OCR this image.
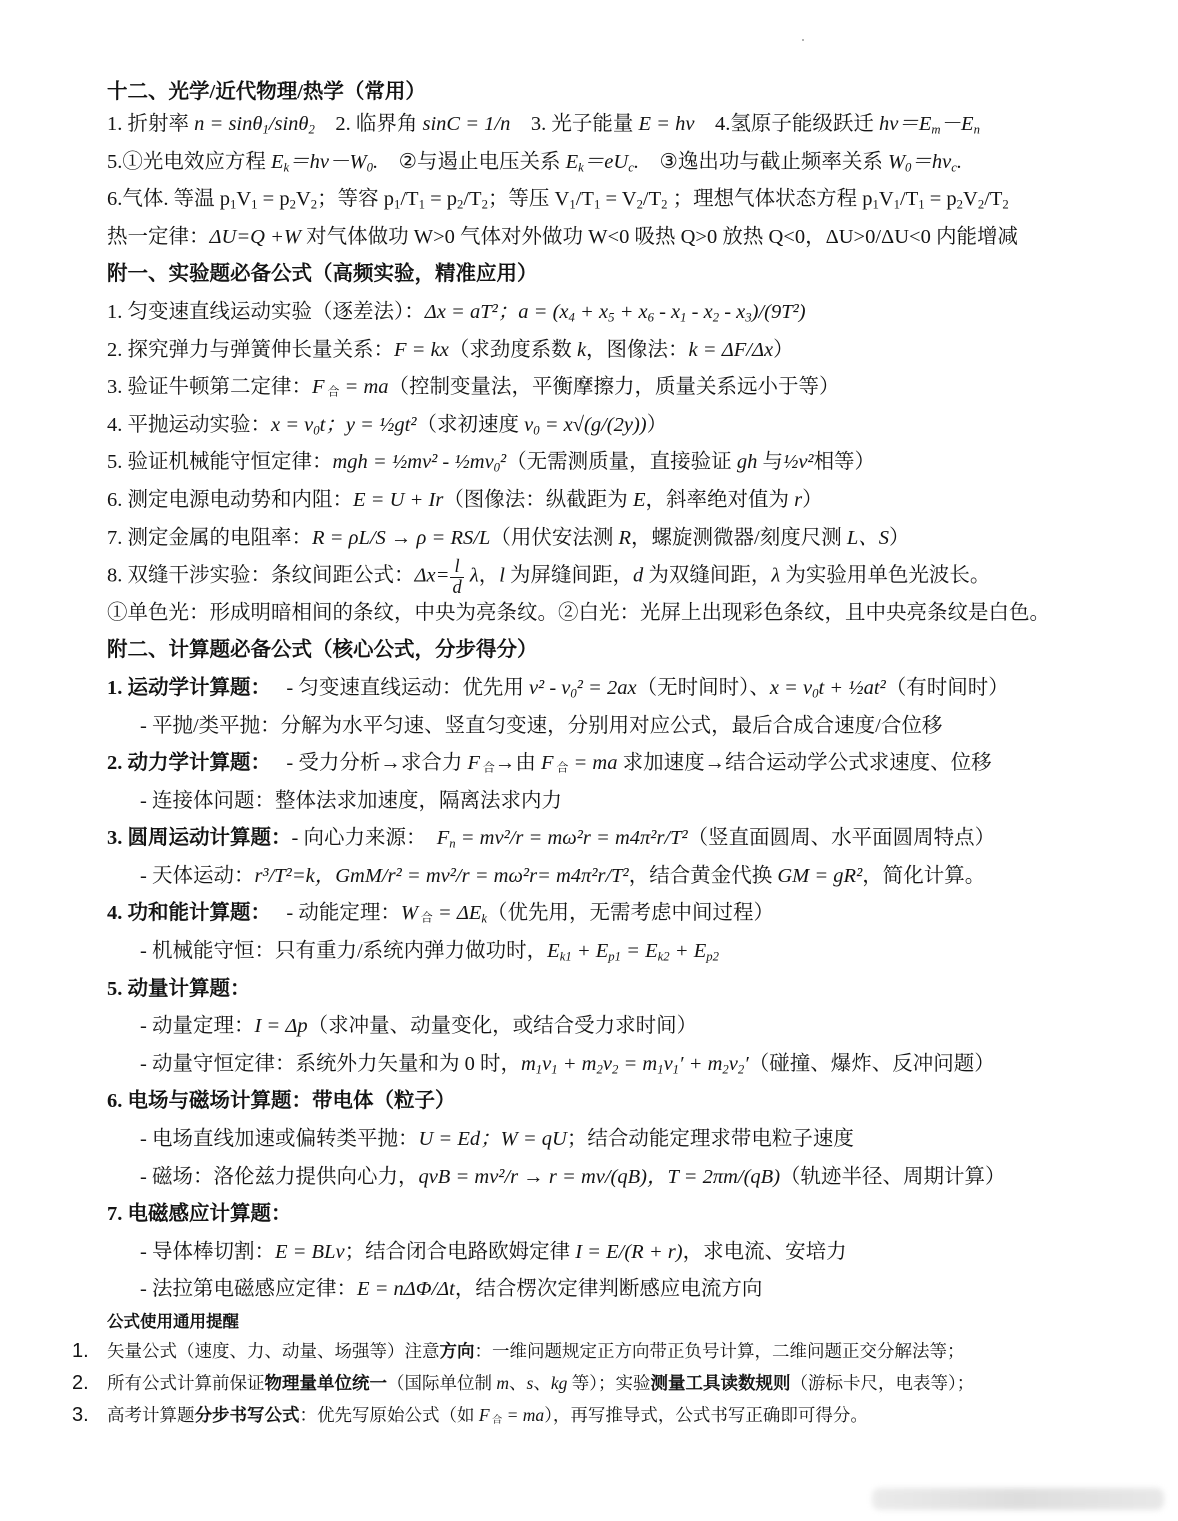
十二、光学/近代物理/热学（常用）
1. 折射率 n = sinθ1/sinθ2    2. 临界角 sinC = 1/n    3. 光子能量 E = hν    4.氢原子能级跃迁 hν＝Em－En
5.①光电效应方程 Ek＝hν－W0.    ②与遏止电压关系 Ek＝eUc.    ③逸出功与截止频率关系 W0＝hνc.
6.气体. 等温 p1V1 = p2V2；等容 p1/T1 = p2/T2；等压 V1/T1 = V2/T2 ；理想气体状态方程 p1V1/T1 = p2V2/T2
热一定律：ΔU=Q +W 对气体做功 W>0 气体对外做功 W<0 吸热 Q>0 放热 Q<0，ΔU>0/ΔU<0 内能增减
附一、实验题必备公式（高频实验，精准应用）
1. 匀变速直线运动实验（逐差法）：Δx = aT²；a = (x4 + x5 + x6 - x1 - x2 - x3)/(9T²)
2. 探究弹力与弹簧伸长量关系：F = kx（求劲度系数 k，图像法：k = ΔF/Δx）
3. 验证牛顿第二定律：F 合 = ma（控制变量法，平衡摩擦力，质量关系远小于等）
4. 平抛运动实验：x = v0t；y = ½gt²（求初速度 v0 = x√(g/(2y))）
5. 验证机械能守恒定律：mgh = ½mv² - ½mv0²（无需测质量，直接验证 gh 与½v²相等）
6. 测定电源电动势和内阻：E = U + Ir（图像法：纵截距为 E，斜率绝对值为 r）
7. 测定金属的电阻率：R = ρL/S → ρ = RS/L（用伏安法测 R，螺旋测微器/刻度尺测 L、S）
8. 双缝干涉实验：条纹间距公式：$\Delta x= \frac{l}{d}$ λ，l 为屏缝间距，d 为双缝间距，λ 为实验用单色光波长。
①单色光：形成明暗相间的条纹，中央为亮条纹。②白光：光屏上出现彩色条纹，且中央亮条纹是白色。
附二、计算题必备公式（核心公式，分步得分）
1. 运动学计算题：   - 匀变速直线运动：优先用 v² - v0² = 2ax（无时间时）、x = v0t + ½at²（有时间时）
- 平抛/类平抛：分解为水平匀速、竖直匀变速，分别用对应公式，最后合成合速度/合位移
2. 动力学计算题：   - 受力分析→求合力 F 合→由 F 合 = ma 求加速度→结合运动学公式求速度、位移
- 连接体问题：整体法求加速度，隔离法求内力
3. 圆周运动计算题：- 向心力来源：  Fn = mv²/r = mω²r = m4π²r/T²（竖直面圆周、水平面圆周特点）
- 天体运动：r³/T²=k，GmM/r² = mv²/r = mω²r= m4π²r/T²，结合黄金代换 GM = gR²，简化计算。
4. 功和能计算题：   - 动能定理：W 合 = ΔEk（优先用，无需考虑中间过程）
- 机械能守恒：只有重力/系统内弹力做功时，Ek1 + Ep1 = Ek2 + Ep2
5. 动量计算题：
- 动量定理：I = Δp（求冲量、动量变化，或结合受力求时间）
- 动量守恒定律：系统外力矢量和为 0 时，m1v1 + m2v2 = m1v1′ + m2v2′（碰撞、爆炸、反冲问题）
6. 电场与磁场计算题：带电体（粒子）
- 电场直线加速或偏转类平抛：U = Ed；W = qU；结合动能定理求带电粒子速度
- 磁场：洛伦兹力提供向心力，qvB = mv²/r → r = mv/(qB)，T = 2πm/(qB)（轨迹半径、周期计算）
7. 电磁感应计算题：
- 导体棒切割：E = BLv；结合闭合电路欧姆定律 I = E/(R + r)，求电流、安培力
- 法拉第电磁感应定律：E = nΔΦ/Δt，结合楞次定律判断感应电流方向
公式使用通用提醒
1. 矢量公式（速度、力、动量、场强等）注意方向：一维问题规定正方向带正负号计算，二维问题正交分解法等；
2. 所有公式计算前保证物理量单位统一（国际单位制 m、s、kg 等）；实验测量工具读数规则（游标卡尺，电表等）；
3. 高考计算题分步书写公式：优先写原始公式（如 F 合 = ma），再写推导式，公式书写正确即可得分。
